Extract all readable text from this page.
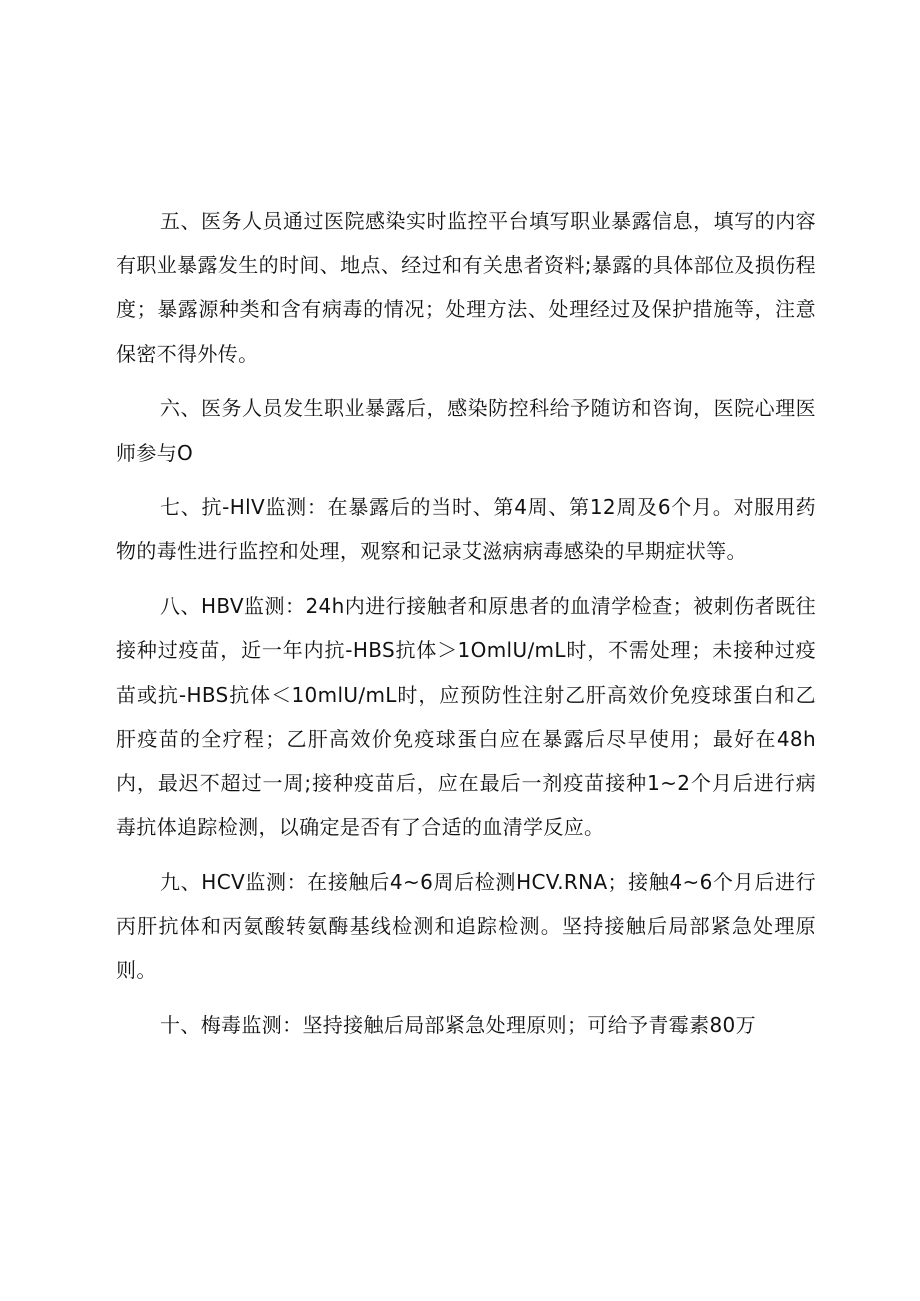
五、医务人员通过医院感染实时监控平台填写职业暴露信息，填写的内容有职业暴露发生的时间、地点、经过和有关患者资料;暴露的具体部位及损伤程度；暴露源种类和含有病毒的情况；处理方法、处理经过及保护措施等，注意保密不得外传。

六、医务人员发生职业暴露后，感染防控科给予随访和咨询，医院心理医师参与O

七、抗-HlV监测：在暴露后的当时、第4周、第12周及6个月。对服用药物的毒性进行监控和处理，观察和记录艾滋病病毒感染的早期症状等。

八、HBV监测：24h内进行接触者和原患者的血清学检查；被刺伤者既往接种过疫苗，近一年内抗-HBS抗体＞1OmlU∕mL时，不需处理；未接种过疫苗或抗-HBS抗体＜10mlU∕mL时，应预防性注射乙肝高效价免疫球蛋白和乙肝疫苗的全疗程；乙肝高效价免疫球蛋白应在暴露后尽早使用；最好在48h内，最迟不超过一周;接种疫苗后，应在最后一剂疫苗接种1~2个月后进行病毒抗体追踪检测，以确定是否有了合适的血清学反应。

九、HCV监测：在接触后4~6周后检测HCV.RNA；接触4~6个月后进行丙肝抗体和丙氨酸转氨酶基线检测和追踪检测。坚持接触后局部紧急处理原则。

十、梅毒监测：坚持接触后局部紧急处理原则；可给予青霉素80万
